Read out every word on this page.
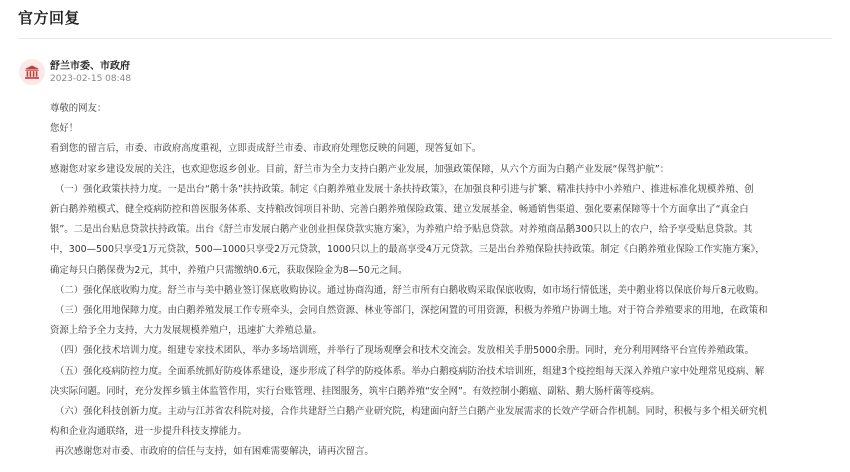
官方回复
舒兰市委、市政府
2023-02-15 08:48

尊敬的网友：

您好！

看到您的留言后，市委、市政府高度重视，立即责成舒兰市委、市政府处理您反映的问题，现答复如下。

感谢您对家乡建设发展的关注，也欢迎您返乡创业。目前，舒兰市为全力支持白鹅产业发展，加强政策保障，从六个方面为白鹅产业发展“保驾护航”：

（一）强化政策扶持力度。一是出台“鹅十条”扶持政策。制定《白鹅养殖业发展十条扶持政策》，在加强良种引进与扩繁、精准扶持中小养殖户、推进标准化规模养殖、创

新白鹅养殖模式、健全疫病防控和兽医服务体系、支持粮改饲项目补助、完善白鹅养殖保险政策、建立发展基金、畅通销售渠道、强化要素保障等十个方面拿出了“真金白

银”。二是出台贴息贷款扶持政策。出台《舒兰市发展白鹅产业创业担保贷款实施方案》，为养殖户给予贴息贷款。对养殖商品鹅300只以上的农户，给予享受贴息贷款。其

中，300—500只享受1万元贷款，500—1000只享受2万元贷款，1000只以上的最高享受4万元贷款。三是出台养殖保险扶持政策。制定《白鹅养殖业保险工作实施方案》，

确定每只白鹅保费为2元，其中，养殖户只需缴纳0.6元，获取保险金为8—50元之间。

（二）强化保底收购力度。舒兰市与美中鹅业签订保底收购协议。通过协商沟通，舒兰市所有白鹅收购采取保底收购，如市场行情低迷，美中鹅业将以保底价每斤8元收购。

（三）强化用地保障力度。由白鹅养殖发展工作专班牵头，会同自然资源、林业等部门，深挖闲置的可用资源，积极为养殖户协调土地。对于符合养殖要求的用地，在政策和

资源上给予全力支持，大力发展规模养殖户，迅速扩大养殖总量。

（四）强化技术培训力度。组建专家技术团队，举办多场培训班，并举行了现场观摩会和技术交流会。发放相关手册5000余册。同时，充分利用网络平台宣传养殖政策。

（五）强化疫病防控力度。全面系统抓好防疫体系建设，逐步形成了科学的防疫体系。举办白鹅疫病防治技术培训班，组建3个疫控组每天深入养殖户家中处理常见疫病、解

决实际问题。同时，充分发挥乡镇主体监管作用，实行台账管理、挂图服务，筑牢白鹅养殖“安全网”。有效控制小鹅瘟、副粘、鹅大肠杆菌等疫病。

（六）强化科技创新力度。主动与江苏省农科院对接，合作共建舒兰白鹅产业研究院，构建面向舒兰白鹅产业发展需求的长效产学研合作机制。同时，积极与多个相关研究机

构和企业沟通联络，进一步提升科技支撑能力。

再次感谢您对市委、市政府的信任与支持，如有困难需要解决，请再次留言。
